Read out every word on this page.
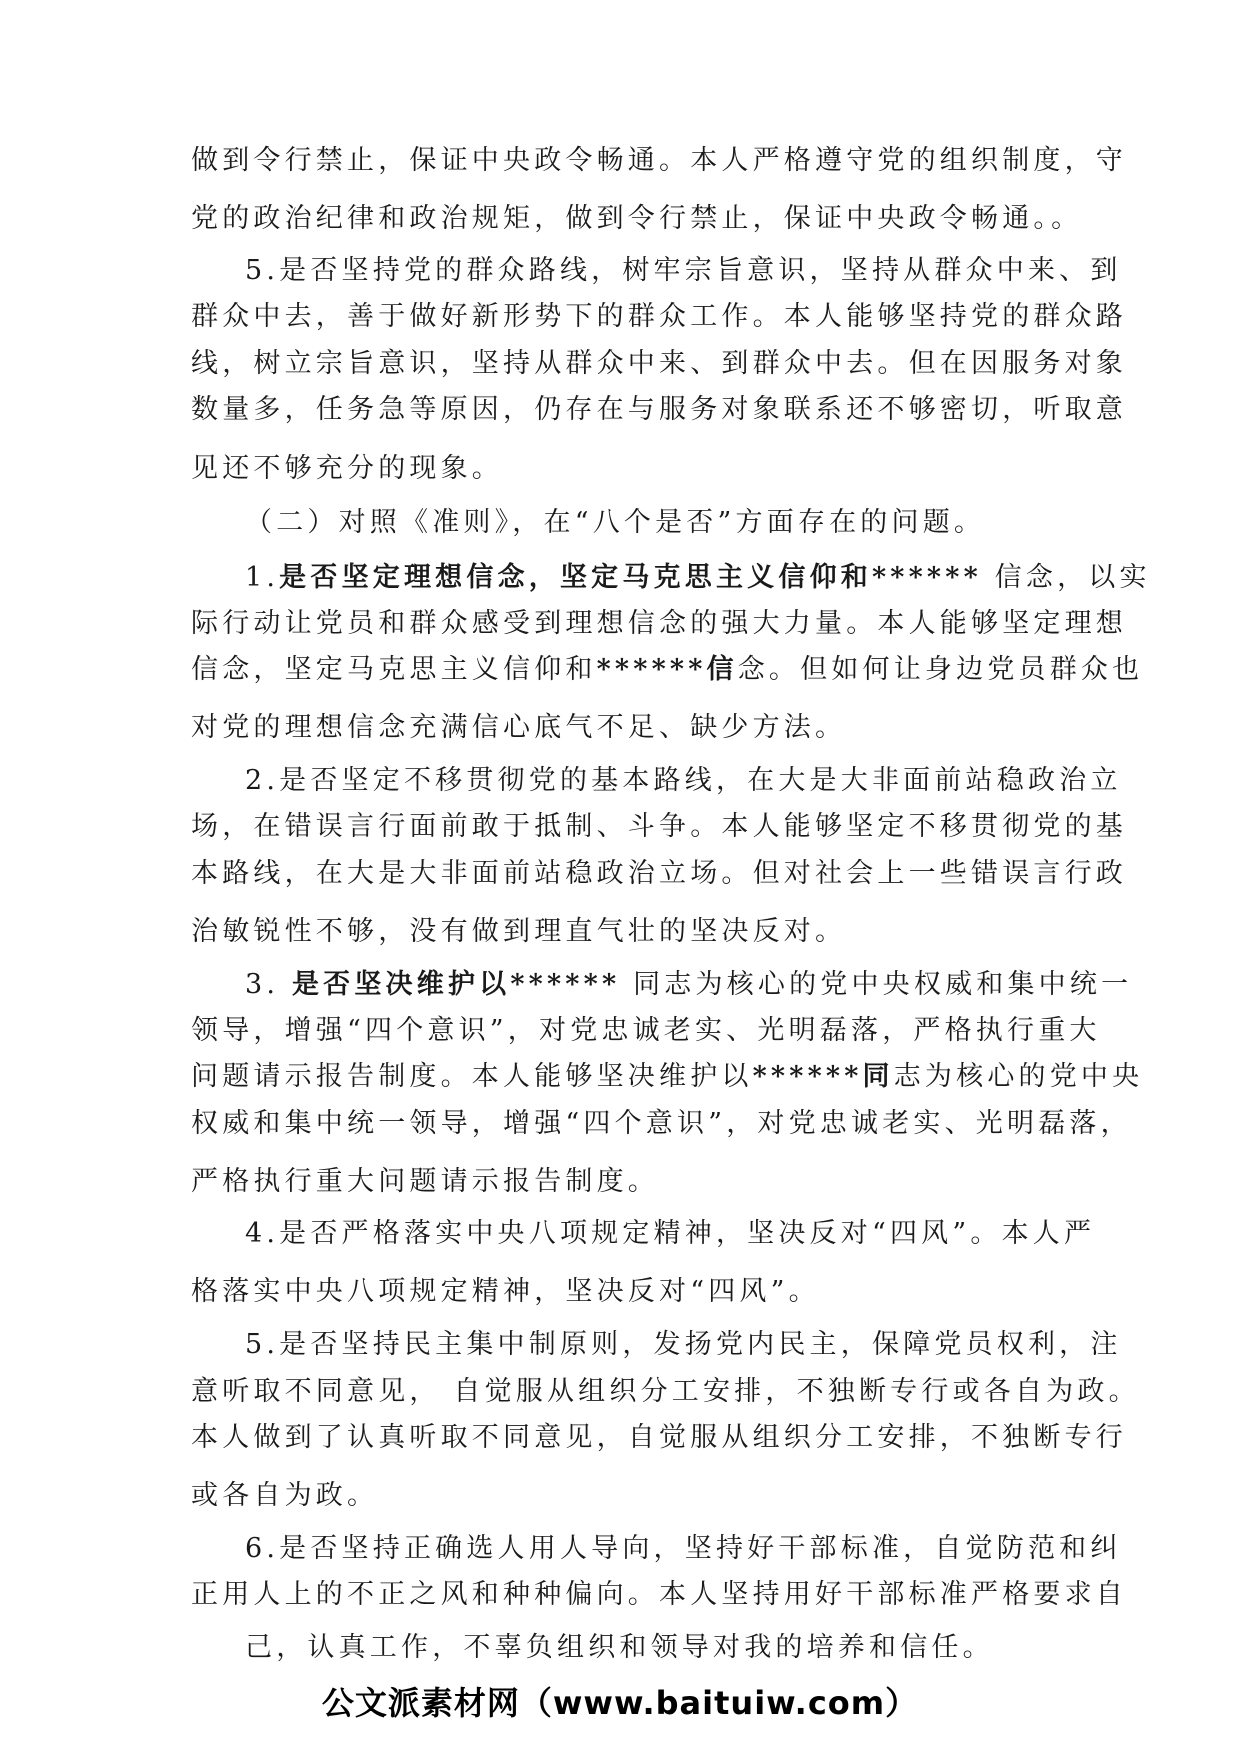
做到令行禁止，保证中央政令畅通。本人严格遵守党的组织制度，守
党的政治纪律和政治规矩，做到令行禁止，保证中央政令畅通。。
5.是否坚持党的群众路线，树牢宗旨意识，坚持从群众中来、到
群众中去，善于做好新形势下的群众工作。本人能够坚持党的群众路
线，树立宗旨意识，坚持从群众中来、到群众中去。但在因服务对象
数量多，任务急等原因，仍存在与服务对象联系还不够密切，听取意
见还不够充分的现象。
（二）对照《准则》，在“八个是否”方面存在的问题。
1.是否坚定理想信念，坚定马克思主义信仰和****** 信念，以实
际行动让党员和群众感受到理想信念的强大力量。本人能够坚定理想
信念，坚定马克思主义信仰和******信念。但如何让身边党员群众也
对党的理想信念充满信心底气不足、缺少方法。
2.是否坚定不移贯彻党的基本路线，在大是大非面前站稳政治立
场，在错误言行面前敢于抵制、斗争。本人能够坚定不移贯彻党的基
本路线，在大是大非面前站稳政治立场。但对社会上一些错误言行政
治敏锐性不够，没有做到理直气壮的坚决反对。
3. 是否坚决维护以****** 同志为核心的党中央权威和集中统一
领导，增强“四个意识”，对党忠诚老实、光明磊落，严格执行重大
问题请示报告制度。本人能够坚决维护以******同志为核心的党中央
权威和集中统一领导，增强“四个意识”，对党忠诚老实、光明磊落，
严格执行重大问题请示报告制度。
4.是否严格落实中央八项规定精神，坚决反对“四风”。本人严
格落实中央八项规定精神，坚决反对“四风”。
5.是否坚持民主集中制原则，发扬党内民主，保障党员权利，注
意听取不同意见， 自觉服从组织分工安排，不独断专行或各自为政。
本人做到了认真听取不同意见，自觉服从组织分工安排，不独断专行
或各自为政。
6.是否坚持正确选人用人导向，坚持好干部标准，自觉防范和纠
正用人上的不正之风和种种偏向。本人坚持用好干部标准严格要求自
己，认真工作，不辜负组织和领导对我的培养和信任。
公文派素材网（www.baituiw.com）
